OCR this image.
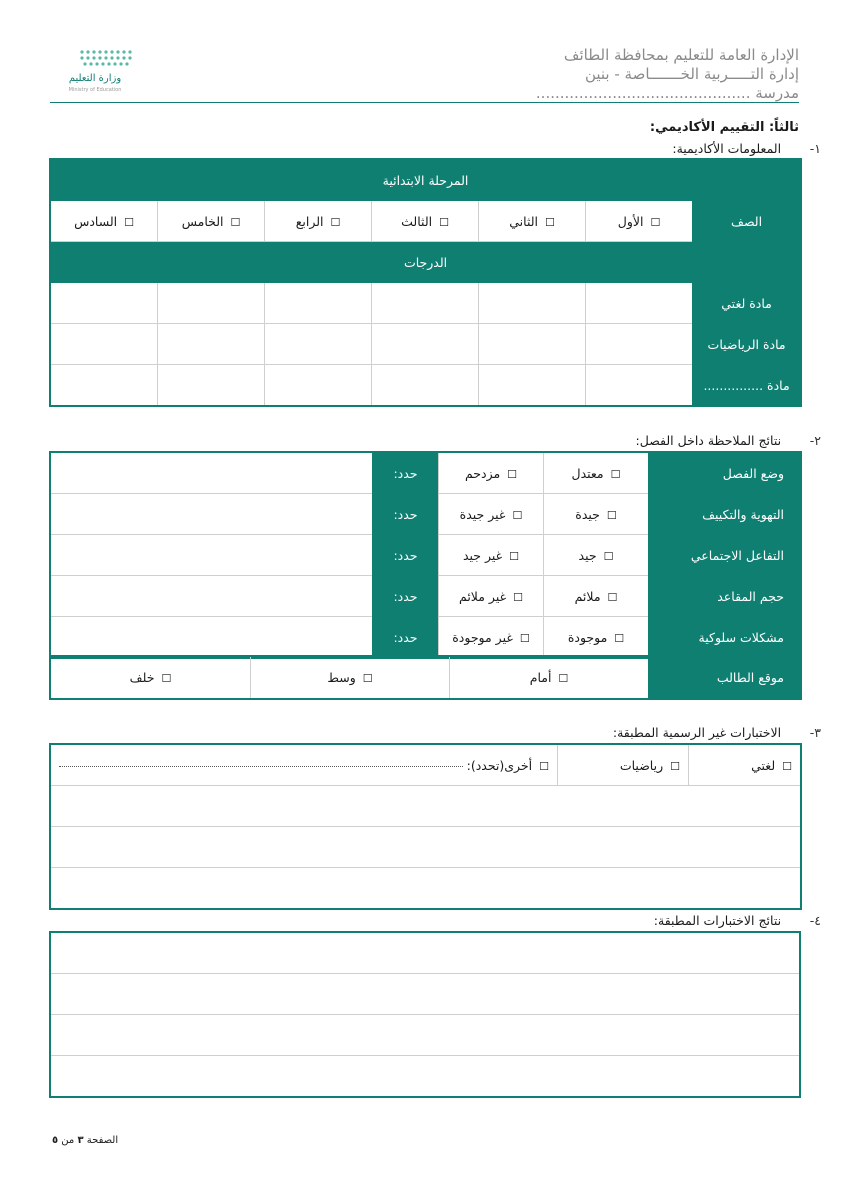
الإدارة العامة للتعليم بمحافظة الطائف
إدارة التـــــربية الخـــــــاصة - بنين
مدرسة .............................................
وزارة التعليم
Ministry of Education
ثالثاً: التقييم الأكاديمي:
١-   المعلومات الأكاديمية:
المرحلة الابتدائية						
الصف	☐ الأول	☐ الثاني	☐ الثالث	☐ الرابع	☐ الخامس	☐ السادس
الدرجات						
مادة لغتي						
مادة الرياضيات						
مادة ...............						
٢-   نتائج الملاحظة داخل الفصل:
وضع الفصل	☐ معتدل	☐ مزدحم	حدد:	
التهوية والتكييف	☐ جيدة	☐ غير جيدة	حدد:	
التفاعل الاجتماعي	☐ جيد	☐ غير جيد	حدد:	
حجم المقاعد	☐ ملائم	☐ غير ملائم	حدد:	
مشكلات سلوكية	☐ موجودة	☐ غير موجودة	حدد:	
موقع الطالب	☐ أمام	☐ وسط	☐ خلف
٣-   الاختبارات غير الرسمية المطبقة:
☐ لغتي	☐ رياضيات	☐ أخرى(تحدد):

٤-   نتائج الاختبارات المطبقة:

الصفحة ٣ من ٥
